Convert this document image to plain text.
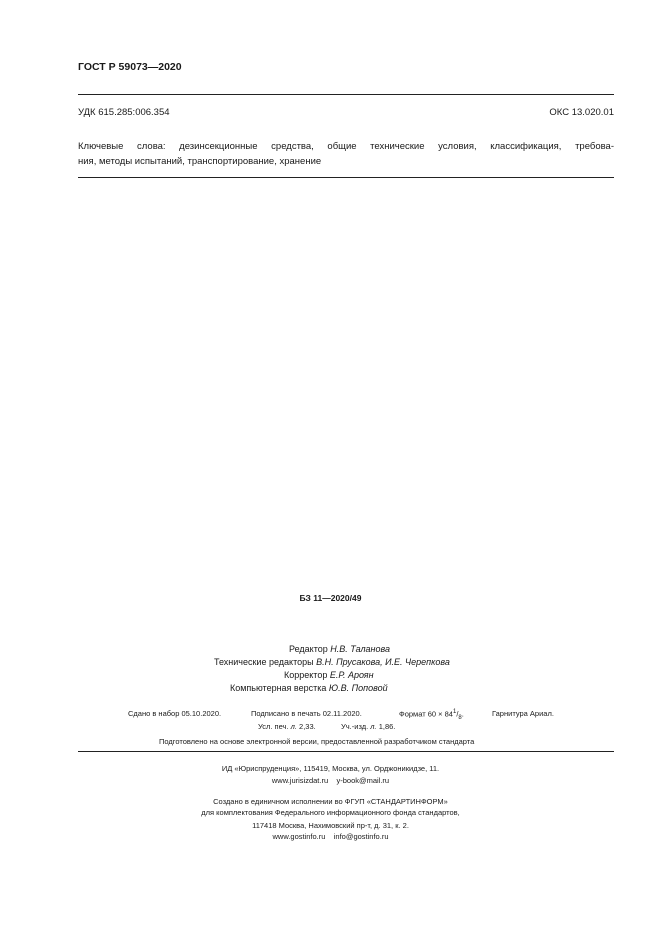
ГОСТ Р 59073—2020
УДК 615.285:006.354	ОКС 13.020.01
Ключевые слова: дезинсекционные средства, общие технические условия, классификация, требова-
ния, методы испытаний, транспортирование, хранение
БЗ 11—2020/49
Редактор Н.В. Таланова
Технические редакторы В.Н. Прусакова, И.Е. Черепкова
Корректор Е.Р. Ароян
Компьютерная верстка Ю.В. Поповой
Сдано в набор 05.10.2020.	Подписано в печать 02.11.2020.	Формат $60 \times 84^1/_8$.	Гарнитура Ариал.
Усл. печ. л. 2,33.	Уч.-изд. л. 1,86.
Подготовлено на основе электронной версии, предоставленной разработчиком стандарта
ИД «Юриспруденция», 115419, Москва, ул. Орджоникидзе, 11.
www.jurisizdat.ru    y-book@mail.ru
Создано в единичном исполнении во ФГУП «СТАНДАРТИНФОРМ»
для комплектования Федерального информационного фонда стандартов,
117418 Москва, Нахимовский пр-т, д. 31, к. 2.
www.gostinfo.ru    info@gostinfo.ru
